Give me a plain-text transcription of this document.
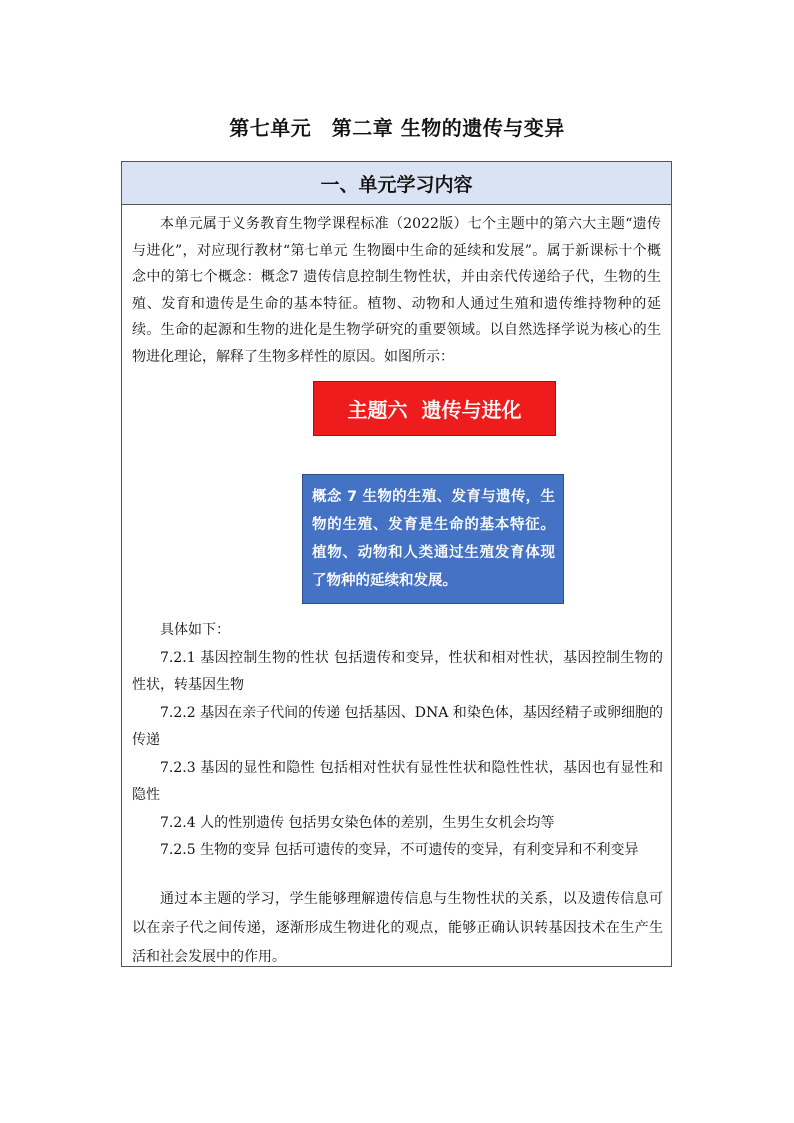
第七单元　第二章 生物的遗传与变异
一、单元学习内容

本单元属于义务教育生物学课程标准（2022版）七个主题中的第六大主题“遗传与进化”，对应现行教材“第七单元 生物圈中生命的延续和发展”。属于新课标十个概念中的第七个概念：概念7 遗传信息控制生物性状，并由亲代传递给子代，生物的生殖、发育和遗传是生命的基本特征。植物、动物和人通过生殖和遗传维持物种的延续。生命的起源和生物的进化是生物学研究的重要领域。以自然选择学说为核心的生物进化理论，解释了生物多样性的原因。如图所示：

主题六  遗传与进化
概念 7 生物的生殖、发育与遗传，生物的生殖、发育是生命的基本特征。植物、动物和人类通过生殖发育体现了物种的延续和发展。

具体如下：

7.2.1 基因控制生物的性状 包括遗传和变异，性状和相对性状，基因控制生物的性状，转基因生物

7.2.2 基因在亲子代间的传递 包括基因、DNA 和染色体，基因经精子或卵细胞的传递

7.2.3 基因的显性和隐性 包括相对性状有显性性状和隐性性状，基因也有显性和隐性

7.2.4 人的性别遗传 包括男女染色体的差别，生男生女机会均等

7.2.5 生物的变异 包括可遗传的变异，不可遗传的变异，有利变异和不利变异

通过本主题的学习，学生能够理解遗传信息与生物性状的关系，以及遗传信息可以在亲子代之间传递，逐渐形成生物进化的观点，能够正确认识转基因技术在生产生活和社会发展中的作用。
